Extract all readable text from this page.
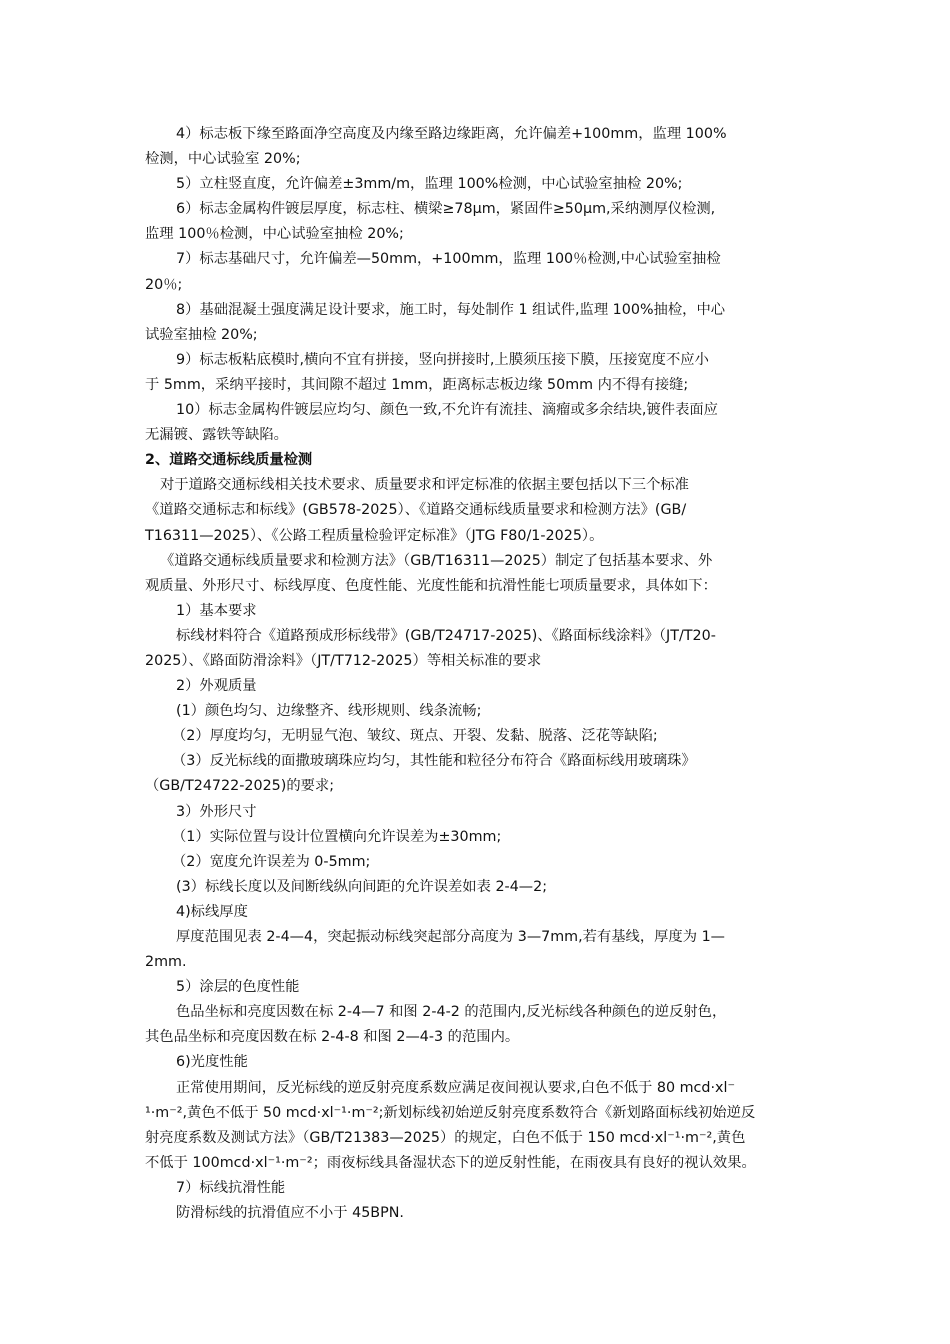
4）标志板下缘至路面净空高度及内缘至路边缘距离，允许偏差+100mm，监理 100%

检测，中心试验室 20%;

5）立柱竖直度，允许偏差±3mm/m，监理 100%检测，中心试验室抽检 20%;

6）标志金属构件镀层厚度，标志柱、横梁≥78μm，紧固件≥50μm,采纳测厚仪检测,

监理 100％检测，中心试验室抽检 20%;

7）标志基础尺寸，允许偏差—50mm，+100mm，监理 100％检测,中心试验室抽检

20％;

8）基础混凝土强度满足设计要求，施工时，每处制作 1 组试件,监理 100%抽检，中心

试验室抽检 20%;

9）标志板粘底模时,横向不宜有拼接，竖向拼接时,上膜须压接下膜，压接宽度不应小

于 5mm，采纳平接时，其间隙不超过 1mm，距离标志板边缘 50mm 内不得有接缝;

10）标志金属构件镀层应均匀、颜色一致,不允许有流挂、滴瘤或多余结块,镀件表面应

无漏镀、露铁等缺陷。

2、道路交通标线质量检测

对于道路交通标线相关技术要求、质量要求和评定标准的依据主要包括以下三个标准

《道路交通标志和标线》(GB578-2025）、《道路交通标线质量要求和检测方法》(GB/

T16311—2025）、《公路工程质量检验评定标准》（JTG F80/1-2025）。

《道路交通标线质量要求和检测方法》（GB/T16311—2025）制定了包括基本要求、外

观质量、外形尺寸、标线厚度、色度性能、光度性能和抗滑性能七项质量要求，具体如下：

1）基本要求

标线材料符合《道路预成形标线带》(GB/T24717-2025)、《路面标线涂料》（JT/T20-

2025）、《路面防滑涂料》（JT/T712-2025）等相关标准的要求

2）外观质量

(1）颜色均匀、边缘整齐、线形规则、线条流畅;

（2）厚度均匀，无明显气泡、皱纹、斑点、开裂、发黏、脱落、泛花等缺陷;

（3）反光标线的面撒玻璃珠应均匀，其性能和粒径分布符合《路面标线用玻璃珠》

（GB/T24722-2025)的要求;

3）外形尺寸

（1）实际位置与设计位置横向允许误差为±30mm;

（2）宽度允许误差为 0-5mm;

(3）标线长度以及间断线纵向间距的允许误差如表 2-4—2;

4)标线厚度

厚度范围见表 2-4—4，突起振动标线突起部分高度为 3—7mm,若有基线，厚度为 1—

2mm.

5）涂层的色度性能

色品坐标和亮度因数在标 2-4—7 和图 2-4-2 的范围内,反光标线各种颜色的逆反射色，

其色品坐标和亮度因数在标 2-4-8 和图 2—4-3 的范围内。

6)光度性能

正常使用期间，反光标线的逆反射亮度系数应满足夜间视认要求,白色不低于 80 mcd·xl⁻

¹·m⁻²,黄色不低于 50 mcd·xl⁻¹·m⁻²;新划标线初始逆反射亮度系数符合《新划路面标线初始逆反

射亮度系数及测试方法》（GB/T21383—2025）的规定，白色不低于 150 mcd·xl⁻¹·m⁻²,黄色

不低于 100mcd·xl⁻¹·m⁻²；雨夜标线具备湿状态下的逆反射性能，在雨夜具有良好的视认效果。

7）标线抗滑性能

防滑标线的抗滑值应不小于 45BPN.
